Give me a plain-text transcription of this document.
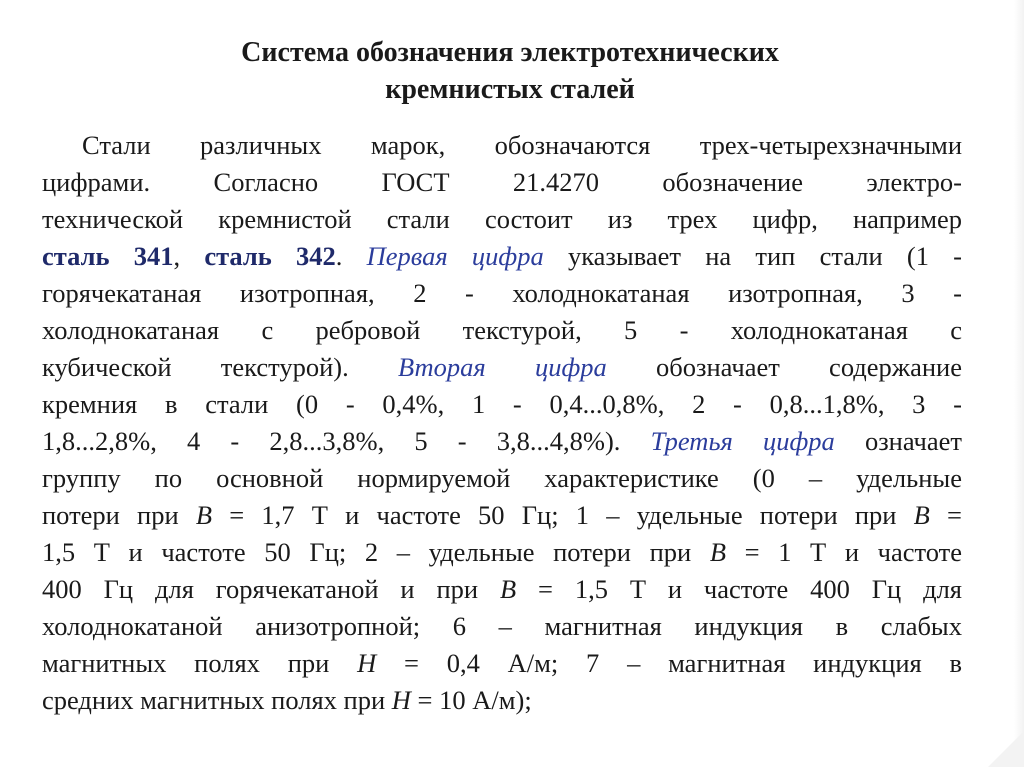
Система обозначения электротехнических
кремнистых сталей
Стали различных марок, обозначаются трех-четырехзначными
цифрами. Согласно ГОСТ 21.4270 обозначение электро-
технической кремнистой стали состоит из трех цифр, например
сталь 341, сталь 342. Первая цифра указывает на тип стали (1 -
горячекатаная изотропная, 2 - холоднокатаная изотропная, 3 -
холоднокатаная с ребровой текстурой, 5 - холоднокатаная с
кубической текстурой). Вторая цифра обозначает содержание
кремния в стали (0 - 0,4%, 1 - 0,4...0,8%, 2 - 0,8...1,8%, 3 -
1,8...2,8%, 4 - 2,8...3,8%, 5 - 3,8...4,8%). Третья цифра означает
группу по основной нормируемой характеристике (0 – удельные
потери при B = 1,7 Т и частоте 50 Гц; 1 – удельные потери при B =
1,5 Т и частоте 50 Гц; 2 – удельные потери при B = 1 Т и частоте
400 Гц для горячекатаной и при B = 1,5 Т и частоте 400 Гц для
холоднокатаной анизотропной; 6 – магнитная индукция в слабых
магнитных полях при H = 0,4 А/м; 7 – магнитная индукция в
средних магнитных полях при H = 10 А/м);
